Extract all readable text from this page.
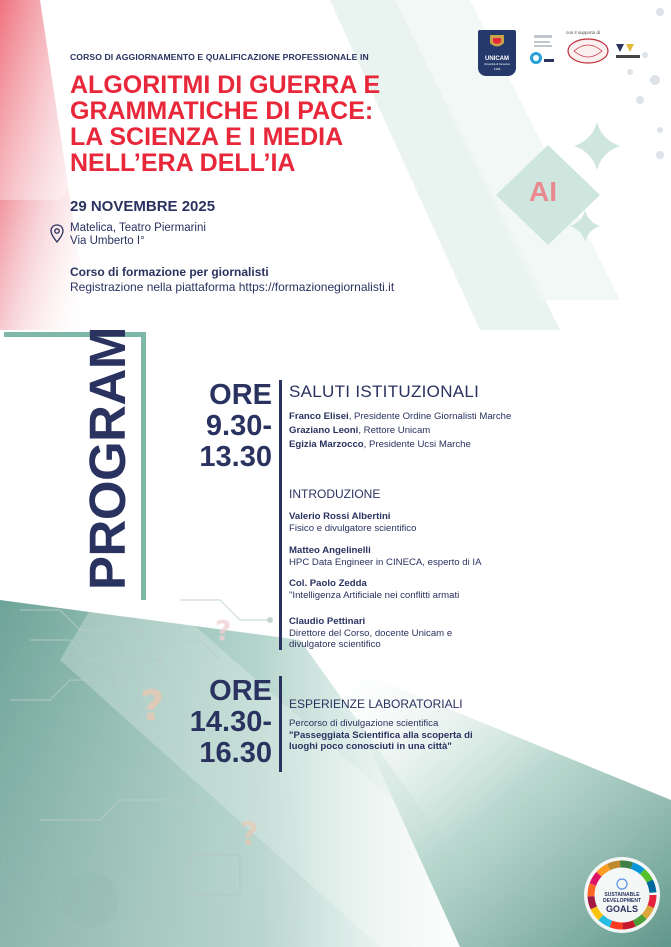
?
?
?
AI
UNICAM
Università di Camerino
1336
con il supporto di
CORSO DI AGGIORNAMENTO E QUALIFICAZIONE PROFESSIONALE IN
ALGORITMI DI GUERRA E
GRAMMATICHE DI PACE:
LA SCIENZA E I MEDIA
NELL’ERA DELL’IA
29 NOVEMBRE 2025
Matelica, Teatro Piermarini
Via Umberto I°
Corso di formazione per giornalisti
Registrazione nella piattaforma https://formazionegiornalisti.it
PROGRAM	ORE
9.30-
13.30
SALUTI ISTITUZIONALI
Franco Elisei, Presidente Ordine Giornalisti Marche
Graziano Leoni, Rettore Unicam
Egizia Marzocco, Presidente Ucsi Marche
INTRODUZIONE
Valerio Rossi Albertini
Fisico e divulgatore scientifico
Matteo Angelinelli
HPC Data Engineer in CINECA, esperto di IA
Col. Paolo Zedda
"Intelligenza Artificiale nei conflitti armati
Claudio Pettinari
Direttore del Corso, docente Unicam e
divulgatore scientifico
ORE
14.30-
16.30
ESPERIENZE LABORATORIALI
Percorso di divulgazione scientifica
"Passeggiata Scientifica alla scoperta di
luoghi poco conosciuti in una città"
SUSTAINABLE
DEVELOPMENT
GOALS
